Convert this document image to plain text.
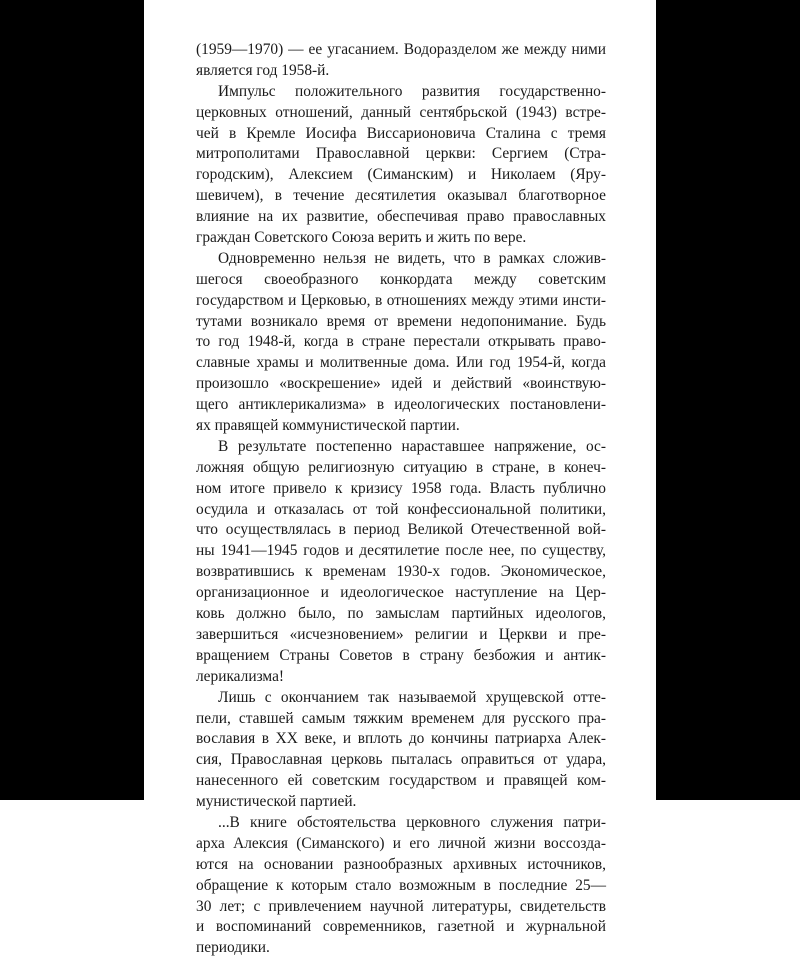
(1959—1970) — ее угасанием. Водоразделом же между ними
является год 1958-й.
Импульс положительного развития государственно-
церковных отношений, данный сентябрьской (1943) встре-
чей в Кремле Иосифа Виссарионовича Сталина с тремя
митрополитами Православной церкви: Сергием (Стра-
городским), Алексием (Симанским) и Николаем (Яру-
шевичем), в течение десятилетия оказывал благотворное
влияние на их развитие, обеспечивая право православных
граждан Советского Союза верить и жить по вере.
Одновременно нельзя не видеть, что в рамках сложив-
шегося своеобразного конкордата между советским
государством и Церковью, в отношениях между этими инсти-
тутами возникало время от времени недопонимание. Будь
то год 1948-й, когда в стране перестали открывать право-
славные храмы и молитвенные дома. Или год 1954-й, когда
произошло «воскрешение» идей и действий «воинствую-
щего антиклерикализма» в идеологических постановлени-
ях правящей коммунистической партии.
В результате постепенно нараставшее напряжение, ос-
ложняя общую религиозную ситуацию в стране, в конеч-
ном итоге привело к кризису 1958 года. Власть публично
осудила и отказалась от той конфессиональной политики,
что осуществлялась в период Великой Отечественной вой-
ны 1941—1945 годов и десятилетие после нее, по существу,
возвратившись к временам 1930-х годов. Экономическое,
организационное и идеологическое наступление на Цер-
ковь должно было, по замыслам партийных идеологов,
завершиться «исчезновением» религии и Церкви и пре-
вращением Страны Советов в страну безбожия и антик-
лерикализма!
Лишь с окончанием так называемой хрущевской отте-
пели, ставшей самым тяжким временем для русского пра-
вославия в XX веке, и вплоть до кончины патриарха Алек-
сия, Православная церковь пыталась оправиться от удара,
нанесенного ей советским государством и правящей ком-
мунистической партией.
...В книге обстоятельства церковного служения патри-
арха Алексия (Симанского) и его личной жизни воссозда-
ются на основании разнообразных архивных источников,
обращение к которым стало возможным в последние 25—
30 лет; с привлечением научной литературы, свидетельств
и воспоминаний современников, газетной и журнальной
периодики.
